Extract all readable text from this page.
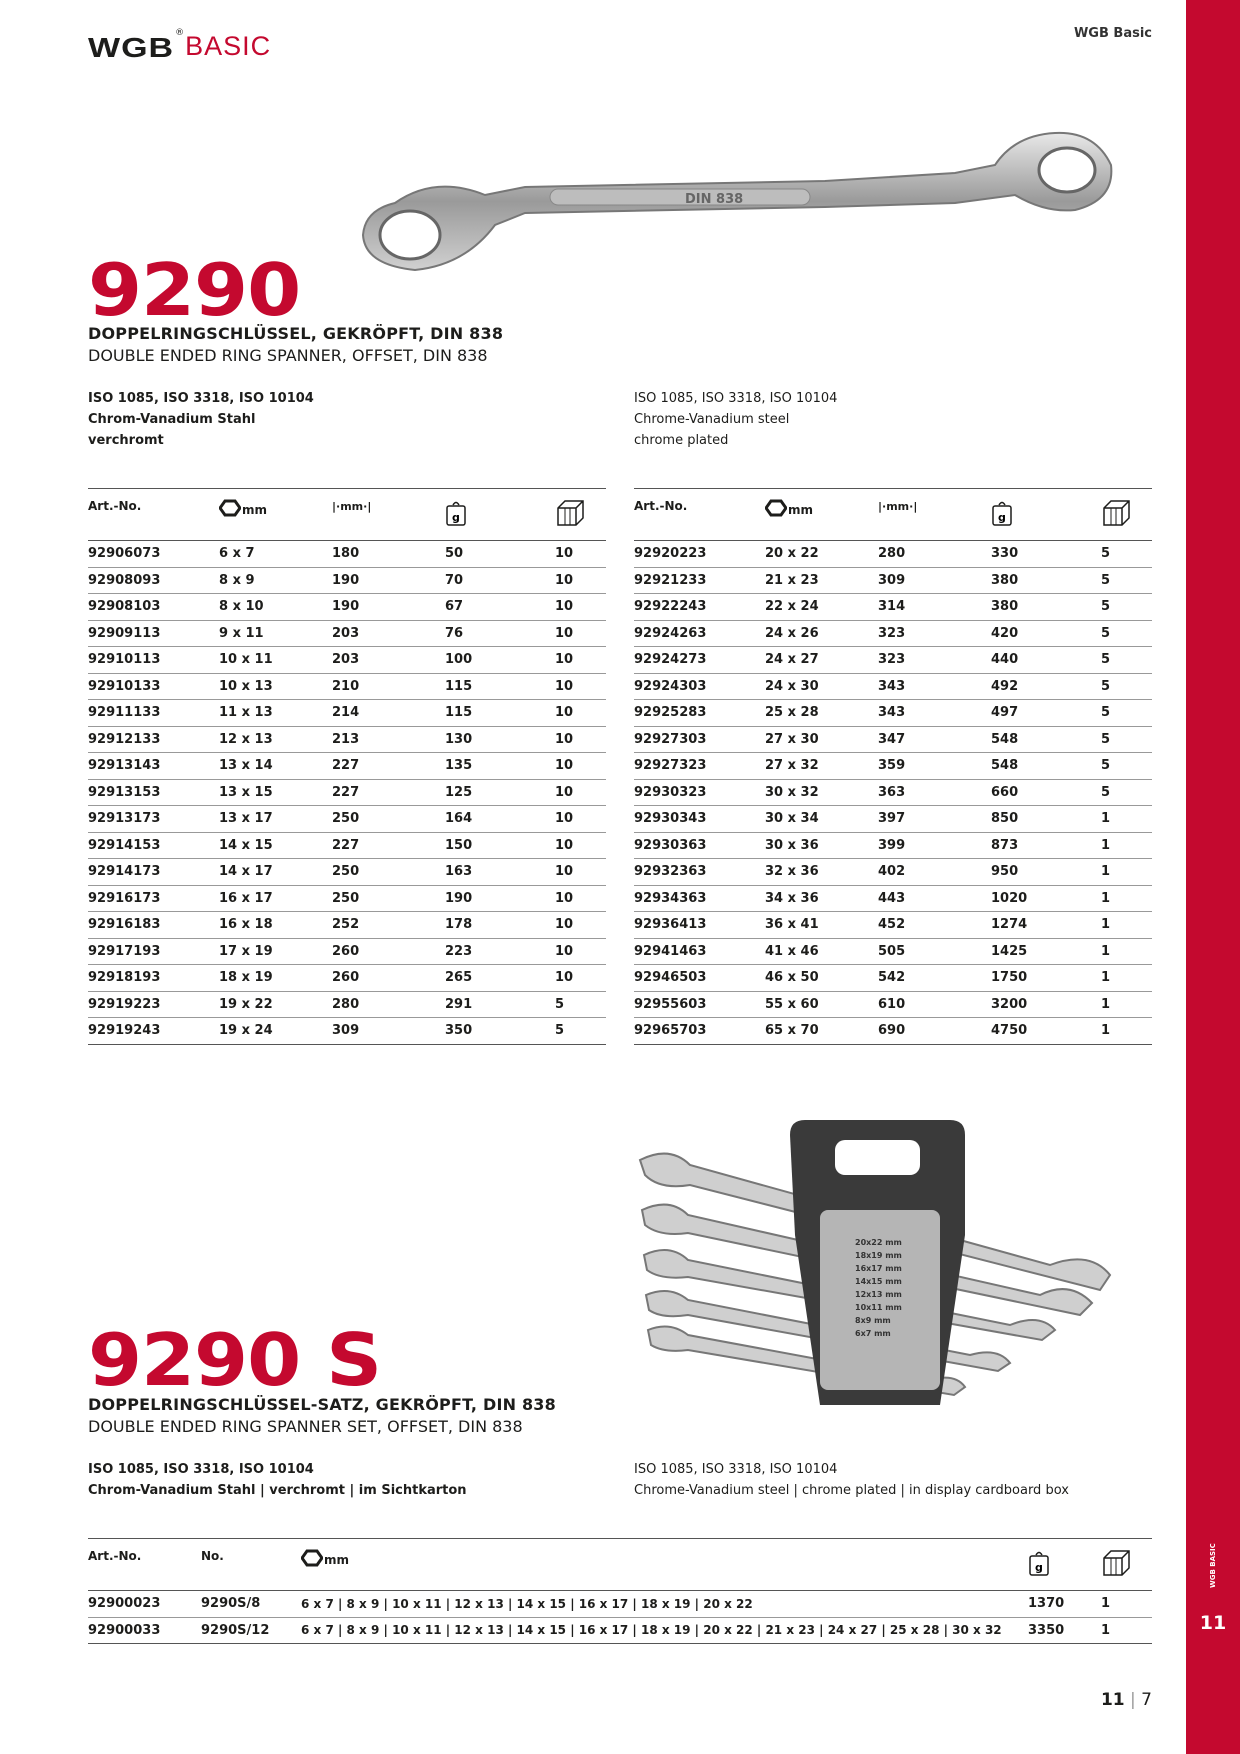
WGB ® BASIC	WGB Basic
WGB BASIC
11
DIN 838
9290
DOPPELRINGSCHLÜSSEL, GEKRÖPFT, DIN 838
DOUBLE ENDED RING SPANNER, OFFSET, DIN 838
ISO 1085, ISO 3318, ISO 10104
Chrom-Vanadium Stahl
verchromt
ISO 1085, ISO 3318, ISO 10104
Chrome-Vanadium steel
chrome plated
Art.-No.	mm	|·mm·|	g

92906073	6 x 7	180	50	10
92908093	8 x 9	190	70	10
92908103	8 x 10	190	67	10
92909113	9 x 11	203	76	10
92910113	10 x 11	203	100	10
92910133	10 x 13	210	115	10
92911133	11 x 13	214	115	10
92912133	12 x 13	213	130	10
92913143	13 x 14	227	135	10
92913153	13 x 15	227	125	10
92913173	13 x 17	250	164	10
92914153	14 x 15	227	150	10
92914173	14 x 17	250	163	10
92916173	16 x 17	250	190	10
92916183	16 x 18	252	178	10
92917193	17 x 19	260	223	10
92918193	18 x 19	260	265	10
92919223	19 x 22	280	291	5
92919243	19 x 24	309	350	5
Art.-No.	mm	|·mm·|	g

92920223	20 x 22	280	330	5
92921233	21 x 23	309	380	5
92922243	22 x 24	314	380	5
92924263	24 x 26	323	420	5
92924273	24 x 27	323	440	5
92924303	24 x 30	343	492	5
92925283	25 x 28	343	497	5
92927303	27 x 30	347	548	5
92927323	27 x 32	359	548	5
92930323	30 x 32	363	660	5
92930343	30 x 34	397	850	1
92930363	30 x 36	399	873	1
92932363	32 x 36	402	950	1
92934363	34 x 36	443	1020	1
92936413	36 x 41	452	1274	1
92941463	41 x 46	505	1425	1
92946503	46 x 50	542	1750	1
92955603	55 x 60	610	3200	1
92965703	65 x 70	690	4750	1
20x22 mm
18x19 mm
16x17 mm
14x15 mm
12x13 mm
10x11 mm
8x9 mm
6x7 mm
9290 S
DOPPELRINGSCHLÜSSEL-SATZ, GEKRÖPFT, DIN 838
DOUBLE ENDED RING SPANNER SET, OFFSET, DIN 838
ISO 1085, ISO 3318, ISO 10104
Chrom-Vanadium Stahl | verchromt | im Sichtkarton
ISO 1085, ISO 3318, ISO 10104
Chrome-Vanadium steel | chrome plated | in display cardboard box
Art.-No.	No.	mm	g

92900023	9290S/8	6 x 7 | 8 x 9 | 10 x 11 | 12 x 13 | 14 x 15 | 16 x 17 | 18 x 19 | 20 x 22	1370	1
92900033	9290S/12	6 x 7 | 8 x 9 | 10 x 11 | 12 x 13 | 14 x 15 | 16 x 17 | 18 x 19 | 20 x 22 | 21 x 23 | 24 x 27 | 25 x 28 | 30 x 32	3350	1
11 | 7
